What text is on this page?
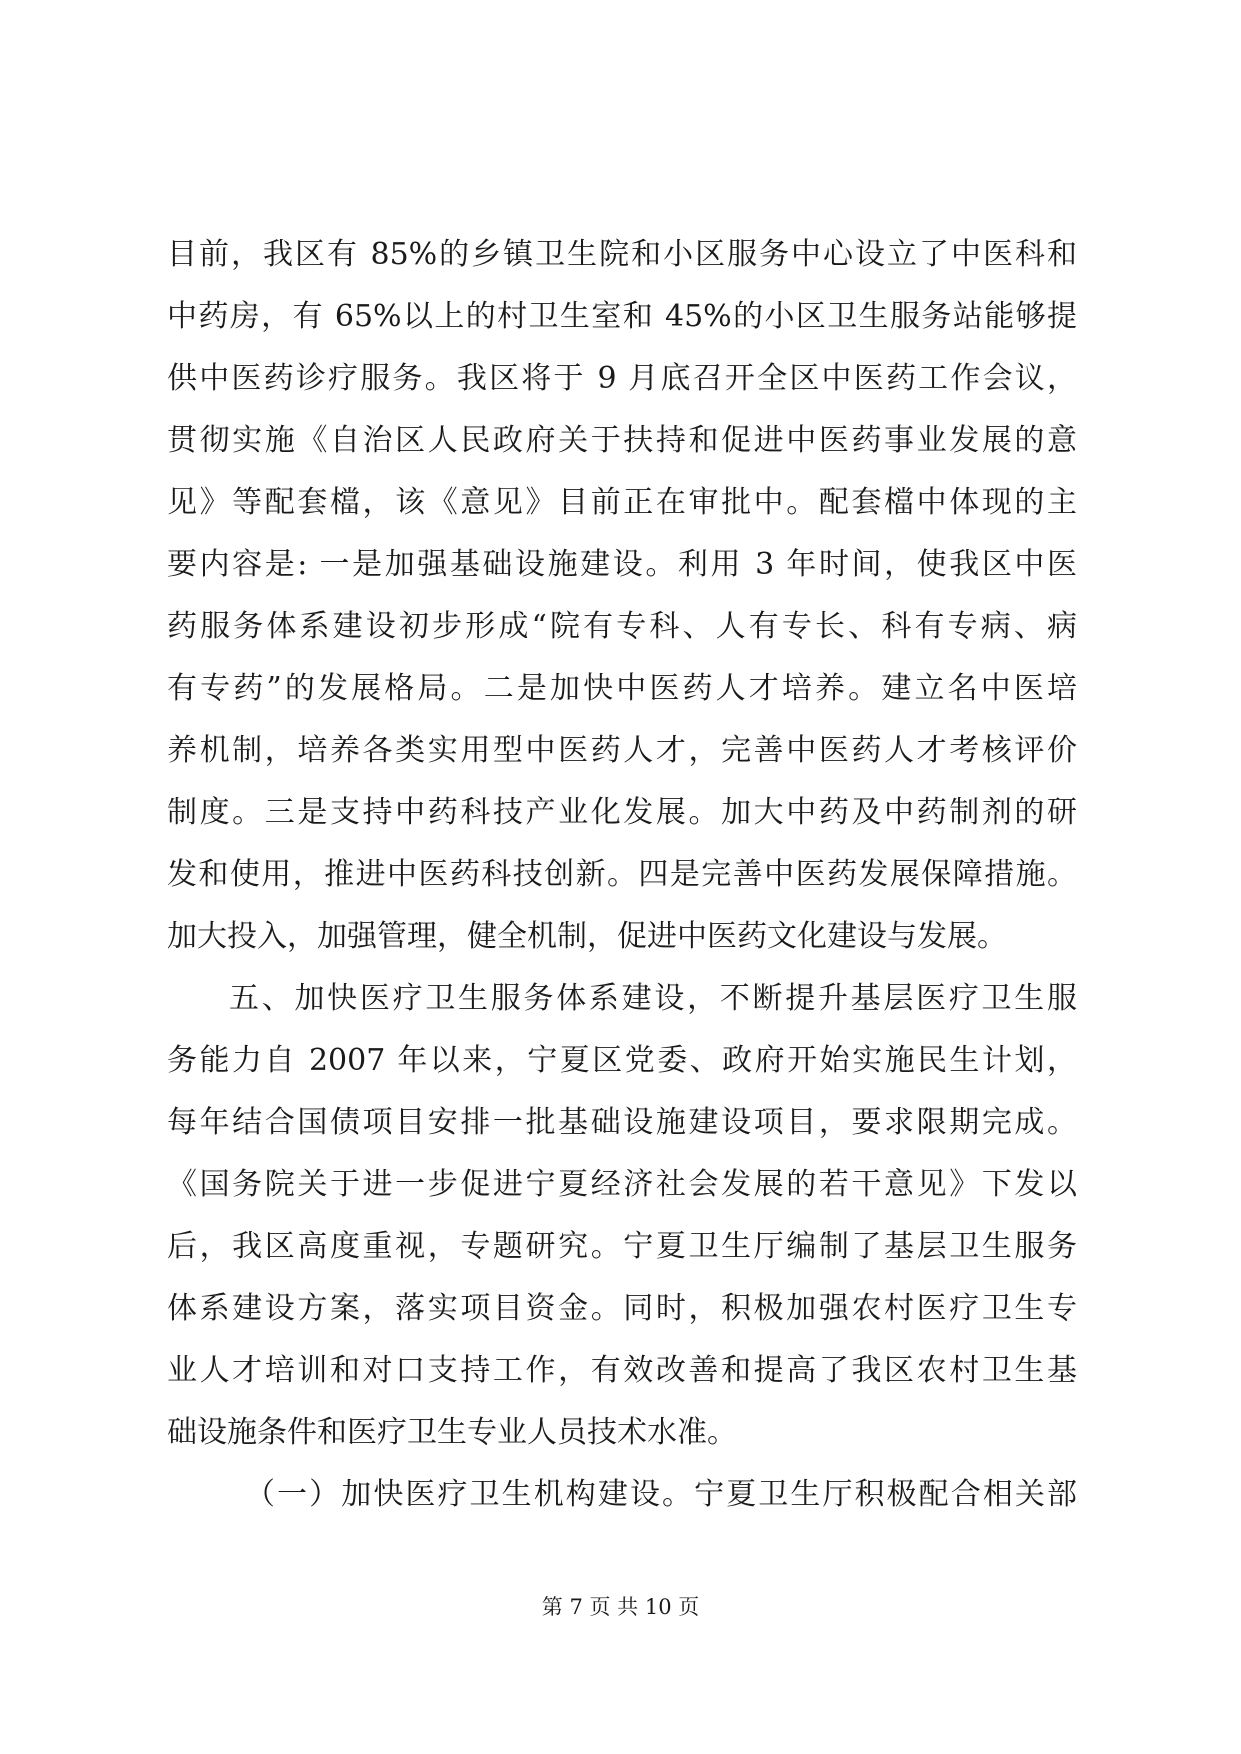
目前，我区有 85%的乡镇卫生院和小区服务中心设立了中医科和
中药房，有 65%以上的村卫生室和 45%的小区卫生服务站能够提
供中医药诊疗服务。我区将于 9 月底召开全区中医药工作会议，
贯彻实施《自治区人民政府关于扶持和促进中医药事业发展的意
见》等配套檔，该《意见》目前正在审批中。配套檔中体现的主
要内容是: 一是加强基础设施建设。利用 3 年时间，使我区中医
药服务体系建设初步形成“院有专科、人有专长、科有专病、病
有专药”的发展格局。二是加快中医药人才培养。建立名中医培
养机制，培养各类实用型中医药人才，完善中医药人才考核评价
制度。三是支持中药科技产业化发展。加大中药及中药制剂的研
发和使用，推进中医药科技创新。四是完善中医药发展保障措施。
加大投入，加强管理，健全机制，促进中医药文化建设与发展。
五、加快医疗卫生服务体系建设，不断提升基层医疗卫生服
务能力自 2007 年以来，宁夏区党委、政府开始实施民生计划，
每年结合国债项目安排一批基础设施建设项目，要求限期完成。
《国务院关于进一步促进宁夏经济社会发展的若干意见》下发以
后，我区高度重视，专题研究。宁夏卫生厅编制了基层卫生服务
体系建设方案，落实项目资金。同时，积极加强农村医疗卫生专
业人才培训和对口支持工作，有效改善和提高了我区农村卫生基
础设施条件和医疗卫生专业人员技术水准。
（一）加快医疗卫生机构建设。宁夏卫生厅积极配合相关部
第 7 页 共 10 页
